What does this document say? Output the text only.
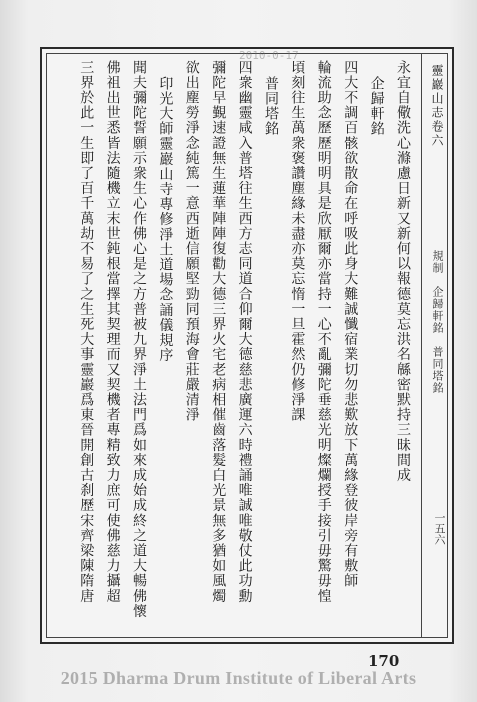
永宜自儆洗心滌慮日新又新何以報德莫忘洪名緜密默持三昧間成
企歸軒銘
四大不調百骸欲散命在呼吸此身大難誠懺宿業切勿悲歎放下萬緣登彼岸旁有敷師
輪流助念歷歷明明具是欣厭爾亦當持一心不亂彌陀垂慈光明燦爛授手接引毋驚毋惶
頃刻往生萬衆褒讚塵緣未盡亦莫忘惰一旦霍然仍修淨課
普同塔銘
四衆幽靈咸入普塔往生西方志同道合仰爾大德慈悲廣運六時禮誦唯誠唯敬仗此功勳
彌陀早覲速證無生蓮華陣陣復勸大德三界火宅老病相催齒落髮白光景無多猶如風燭
欲出塵勞淨念純篤一意西逝信願堅勁同預海會莊嚴清淨
印光大師靈巖山寺專修淨土道場念誦儀規序
聞夫彌陀誓願示衆生心作佛心是之方普被九界淨土法門爲如來成始成終之道大暢佛懷
佛祖出世悉皆法隨機立末世鈍根當擇其契理而又契機者專精致力庶可使佛慈力攝超
三界於此一生即了百千萬劫不易了之生死大事靈巖爲東晉開創古刹歷宋齊梁陳隋唐	靈巖山志卷六
規制　企歸軒銘　普同塔銘
一五六
2010-0-17
170
2015 Dharma Drum Institute of Liberal Arts
